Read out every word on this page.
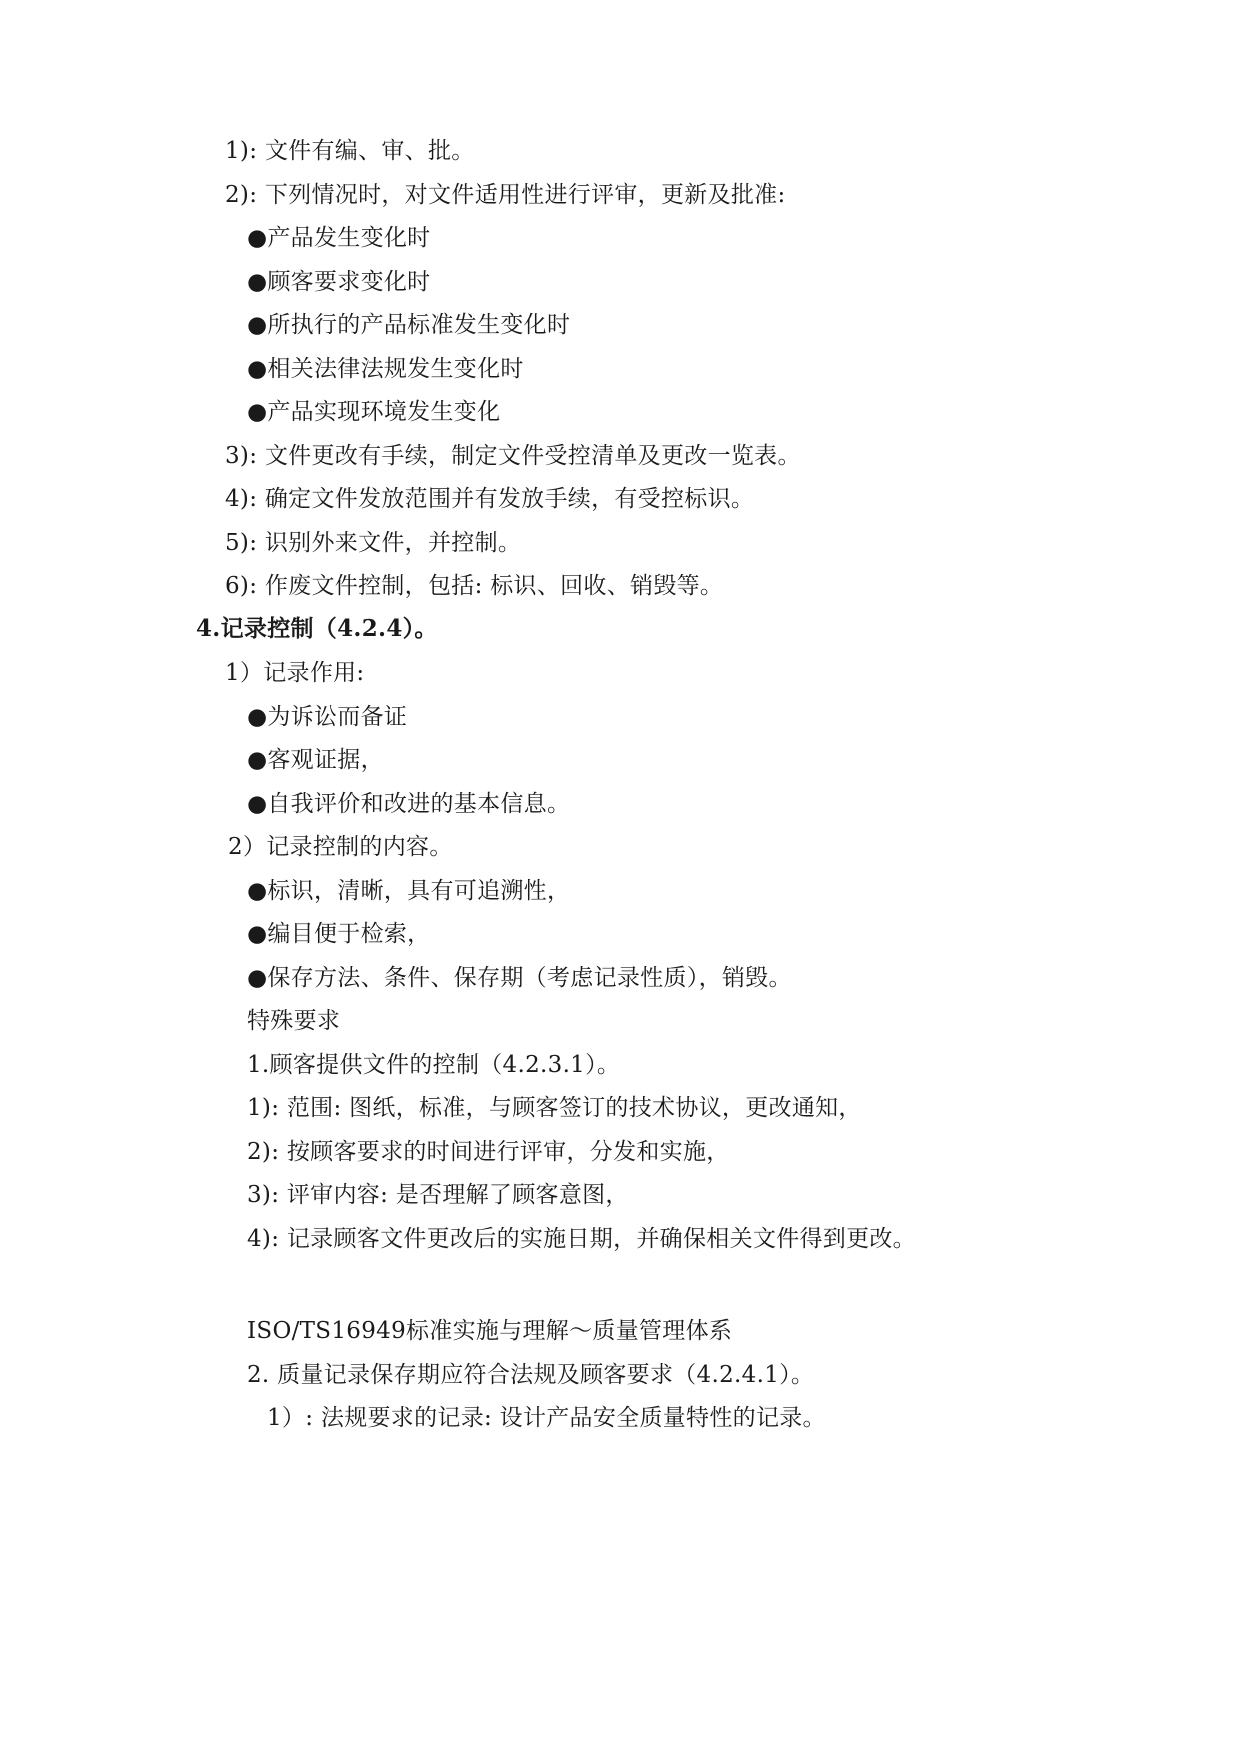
1): 文件有编、审、批。
2): 下列情况时，对文件适用性进行评审，更新及批准:
●产品发生变化时
●顾客要求变化时
●所执行的产品标准发生变化时
●相关法律法规发生变化时
●产品实现环境发生变化
3): 文件更改有手续，制定文件受控清单及更改一览表。
4): 确定文件发放范围并有发放手续，有受控标识。
5): 识别外来文件，并控制。
6): 作废文件控制，包括: 标识、回收、销毁等。
4.记录控制（4.2.4）。
1）记录作用:
●为诉讼而备证
●客观证据，
●自我评价和改进的基本信息。
2）记录控制的内容。
●标识，清晰，具有可追溯性，
●编目便于检索，
●保存方法、条件、保存期（考虑记录性质），销毁。
特殊要求
1.顾客提供文件的控制（4.2.3.1）。
1): 范围: 图纸，标准，与顾客签订的技术协议，更改通知，
2): 按顾客要求的时间进行评审，分发和实施，
3): 评审内容: 是否理解了顾客意图，
4): 记录顾客文件更改后的实施日期，并确保相关文件得到更改。
ISO/TS16949标准实施与理解～质量管理体系
2. 质量记录保存期应符合法规及顾客要求（4.2.4.1）。
1）: 法规要求的记录: 设计产品安全质量特性的记录。
